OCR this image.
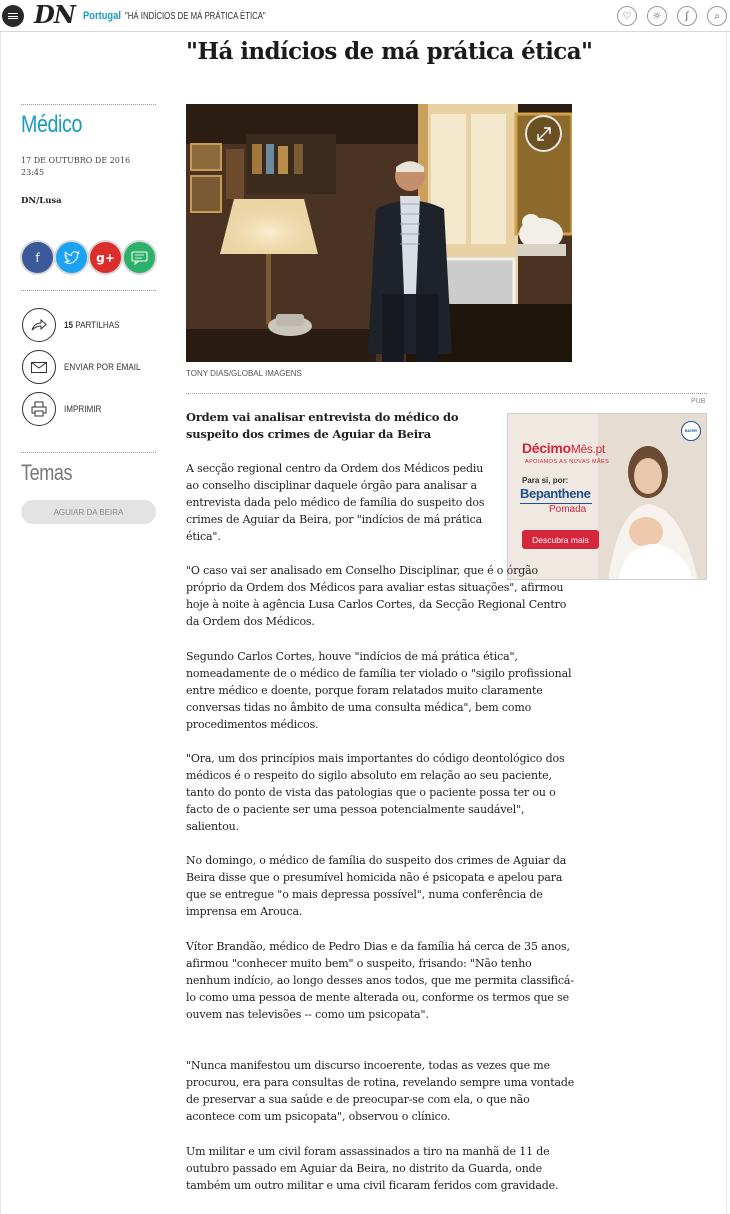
DN Portugal "HÁ INDÍCIOS DE MÁ PRÁTICA ÉTICA"	♡	☼	ʃ	⌕
"Há indícios de má prática ética"
Médico
17 DE OUTUBRO DE 2016
23:45
DN/Lusa
f	g+
15 PARTILHAS
ENVIAR POR EMAIL
IMPRIMIR
Temas
AGUIAR DA BEIRA
TONY DIAS/GLOBAL IMAGENS
PUB
BAYER
DécimoMês.pt
APOIAMOS AS NOVAS MÃES
Para si, por:
Bepanthene
Pomada
Descubra mais

Ordem vai analisar entrevista do médico do suspeito dos crimes de Aguiar da Beira

A secção regional centro da Ordem dos Médicos pediu ao conselho disciplinar daquele órgão para analisar a entrevista dada pelo médico de família do suspeito dos crimes de Aguiar da Beira, por "indícios de má prática ética".

"O caso vai ser analisado em Conselho Disciplinar, que é o órgão próprio da Ordem dos Médicos para avaliar estas situações", afirmou hoje à noite à agência Lusa Carlos Cortes, da Secção Regional Centro da Ordem dos Médicos.

Segundo Carlos Cortes, houve "indícios de má prática ética", nomeadamente de o médico de família ter violado o "sigilo profissional entre médico e doente, porque foram relatados muito claramente conversas tidas no âmbito de uma consulta médica", bem como procedimentos médicos.

"Ora, um dos princípios mais importantes do código deontológico dos médicos é o respeito do sigilo absoluto em relação ao seu paciente, tanto do ponto de vista das patologias que o paciente possa ter ou o facto de o paciente ser uma pessoa potencialmente saudável", salientou.

No domingo, o médico de família do suspeito dos crimes de Aguiar da Beira disse que o presumível homicida não é psicopata e apelou para que se entregue "o mais depressa possível", numa conferência de imprensa em Arouca.

Vítor Brandão, médico de Pedro Dias e da família há cerca de 35 anos, afirmou "conhecer muito bem" o suspeito, frisando: "Não tenho nenhum indício, ao longo desses anos todos, que me permita classificá-lo como uma pessoa de mente alterada ou, conforme os termos que se ouvem nas televisões -- como um psicopata".

"Nunca manifestou um discurso incoerente, todas as vezes que me procurou, era para consultas de rotina, revelando sempre uma vontade de preservar a sua saúde e de preocupar-se com ela, o que não acontece com um psicopata", observou o clínico.

Um militar e um civil foram assassinados a tiro na manhã de 11 de outubro passado em Aguiar da Beira, no distrito da Guarda, onde também um outro militar e uma civil ficaram feridos com gravidade.
